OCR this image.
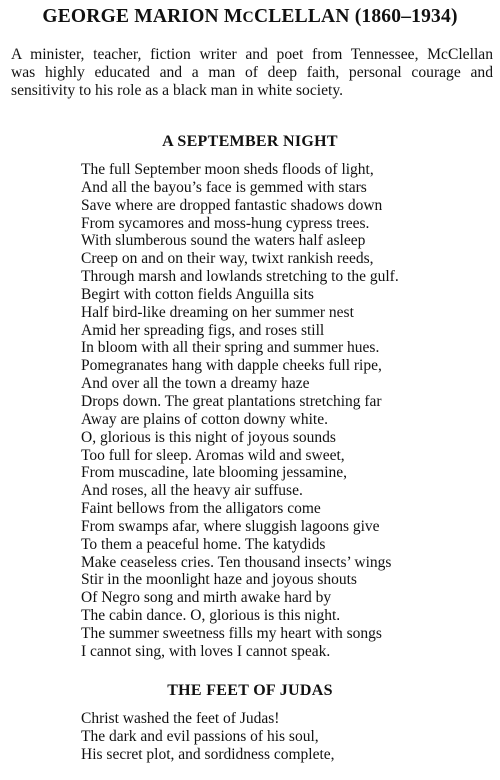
GEORGE MARION MCCLELLAN (1860–1934)
A minister, teacher, fiction writer and poet from Tennessee, McClellan
was highly educated and a man of deep faith, personal courage and
sensitivity to his role as a black man in white society.
A SEPTEMBER NIGHT
The full September moon sheds floods of light,
And all the bayou’s face is gemmed with stars
Save where are dropped fantastic shadows down
From sycamores and moss-hung cypress trees.
With slumberous sound the waters half asleep
Creep on and on their way, twixt rankish reeds,
Through marsh and lowlands stretching to the gulf.
Begirt with cotton fields Anguilla sits
Half bird-like dreaming on her summer nest
Amid her spreading figs, and roses still
In bloom with all their spring and summer hues.
Pomegranates hang with dapple cheeks full ripe,
And over all the town a dreamy haze
Drops down. The great plantations stretching far
Away are plains of cotton downy white.
O, glorious is this night of joyous sounds
Too full for sleep. Aromas wild and sweet,
From muscadine, late blooming jessamine,
And roses, all the heavy air suffuse.
Faint bellows from the alligators come
From swamps afar, where sluggish lagoons give
To them a peaceful home. The katydids
Make ceaseless cries. Ten thousand insects’ wings
Stir in the moonlight haze and joyous shouts
Of Negro song and mirth awake hard by
The cabin dance. O, glorious is this night.
The summer sweetness fills my heart with songs
I cannot sing, with loves I cannot speak.
THE FEET OF JUDAS
Christ washed the feet of Judas!
The dark and evil passions of his soul,
His secret plot, and sordidness complete,
